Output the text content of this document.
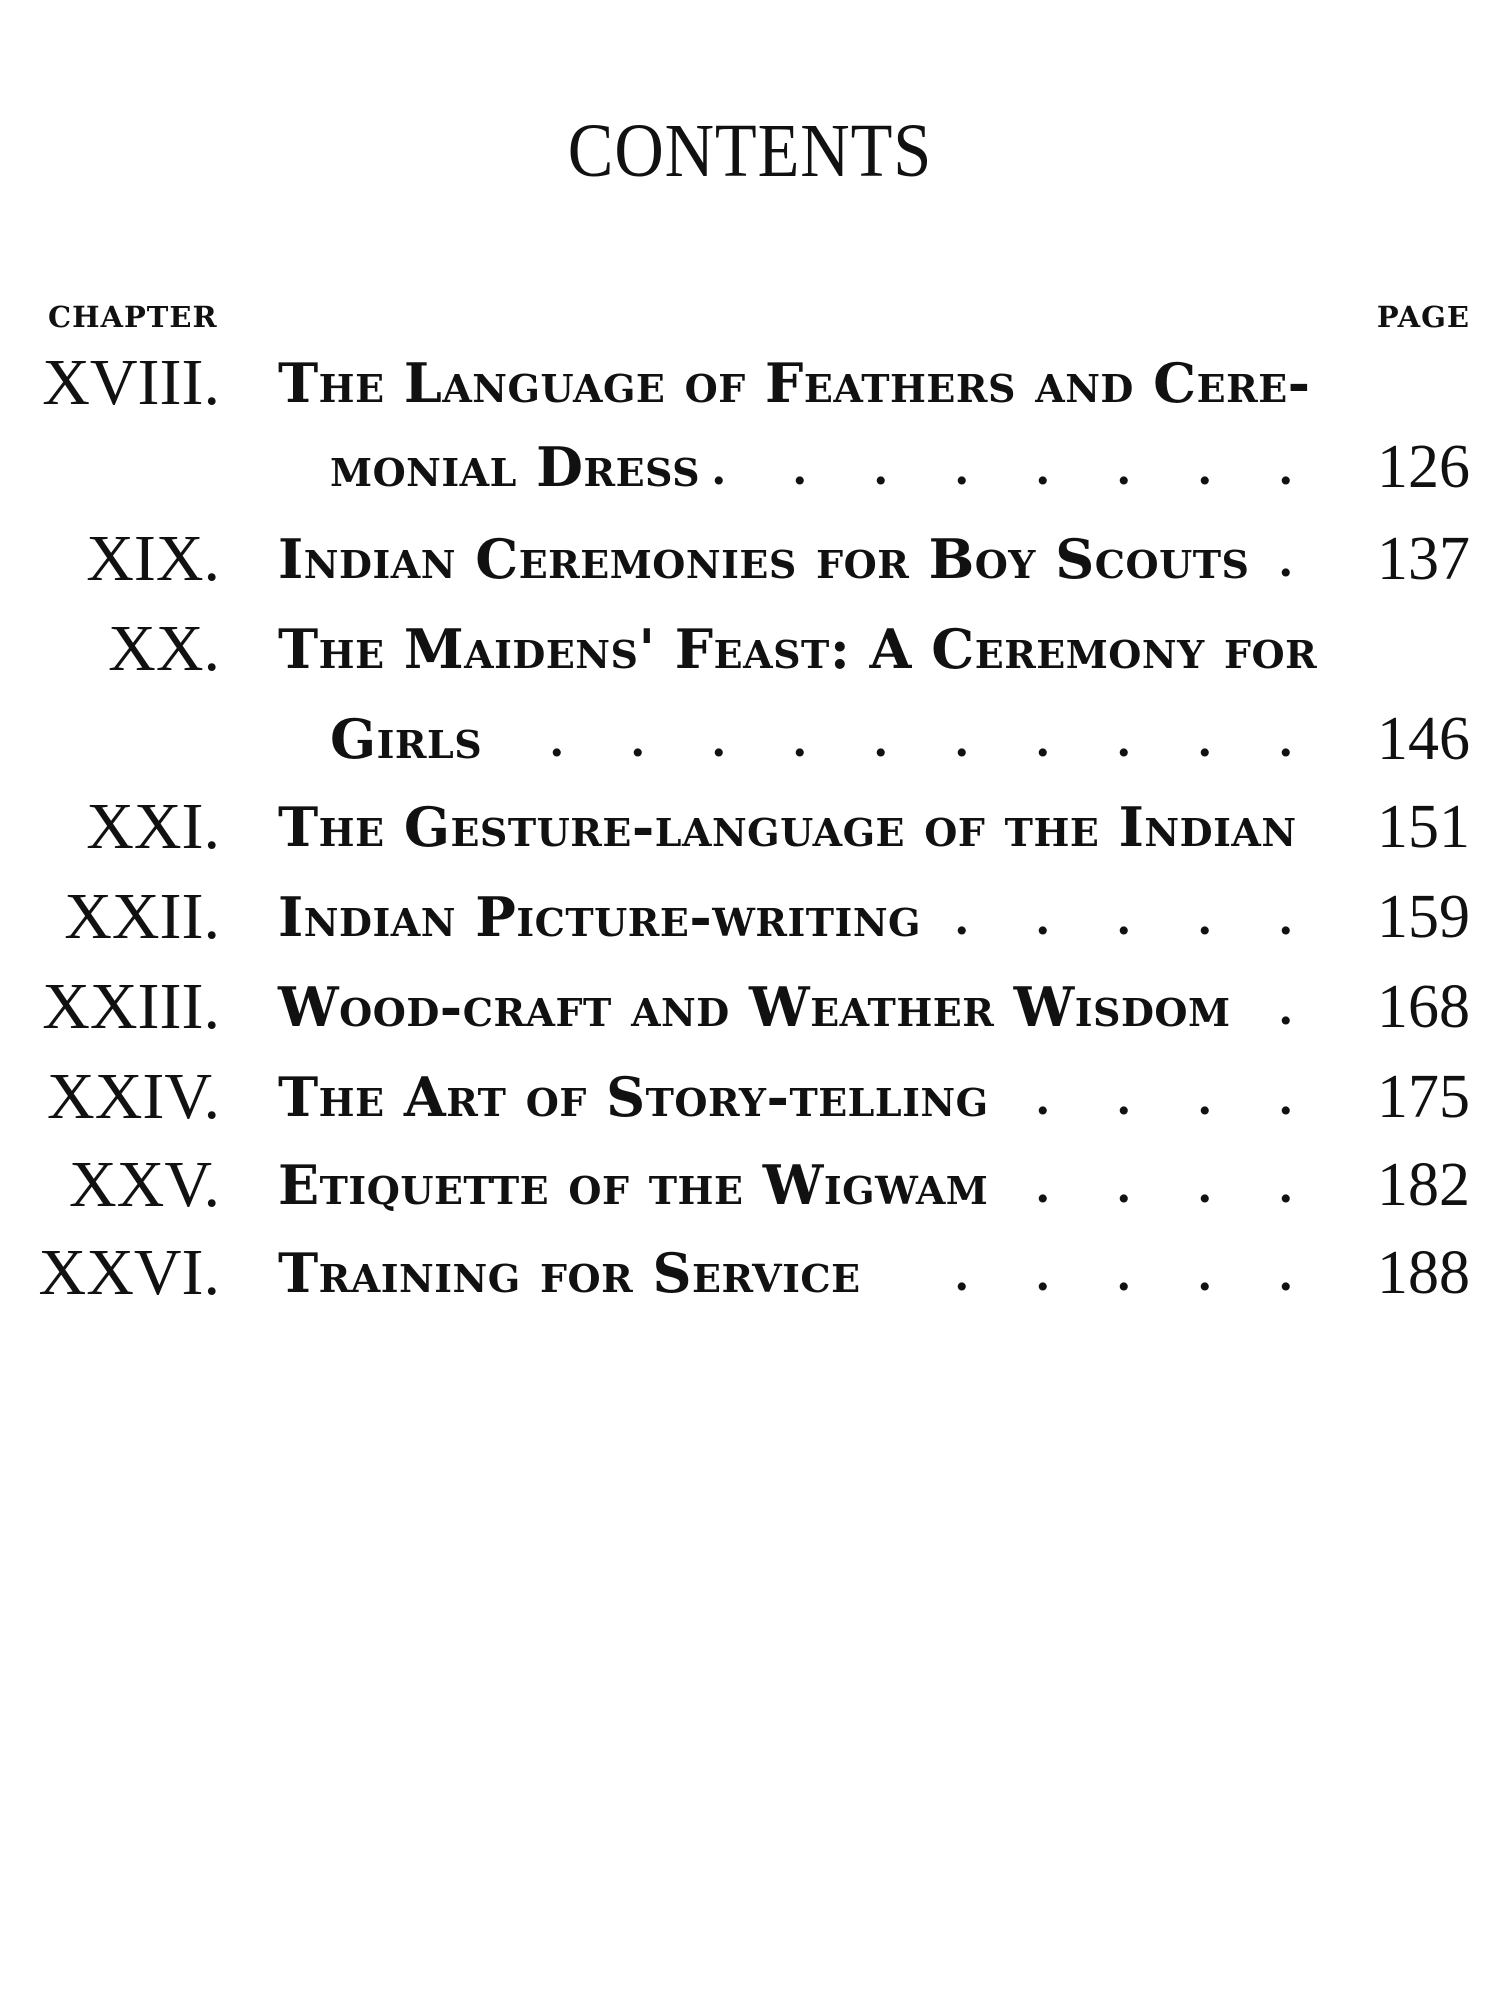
CONTENTS
CHAPTER	PAGE
XVIII. The Language of Feathers and Cere-
monial Dress . . . . . . . . 126
XIX. Indian Ceremonies for Boy Scouts . 137
XX. The Maidens' Feast: A Ceremony for
Girls . . . . . . . . . . 146
XXI. The Gesture-language of the Indian 151
XXII. Indian Picture-writing . . . . . 159
XXIII. Wood-craft and Weather Wisdom . 168
XXIV. The Art of Story-telling . . . . 175
XXV. Etiquette of the Wigwam . . . . 182
XXVI. Training for Service . . . . . 188
